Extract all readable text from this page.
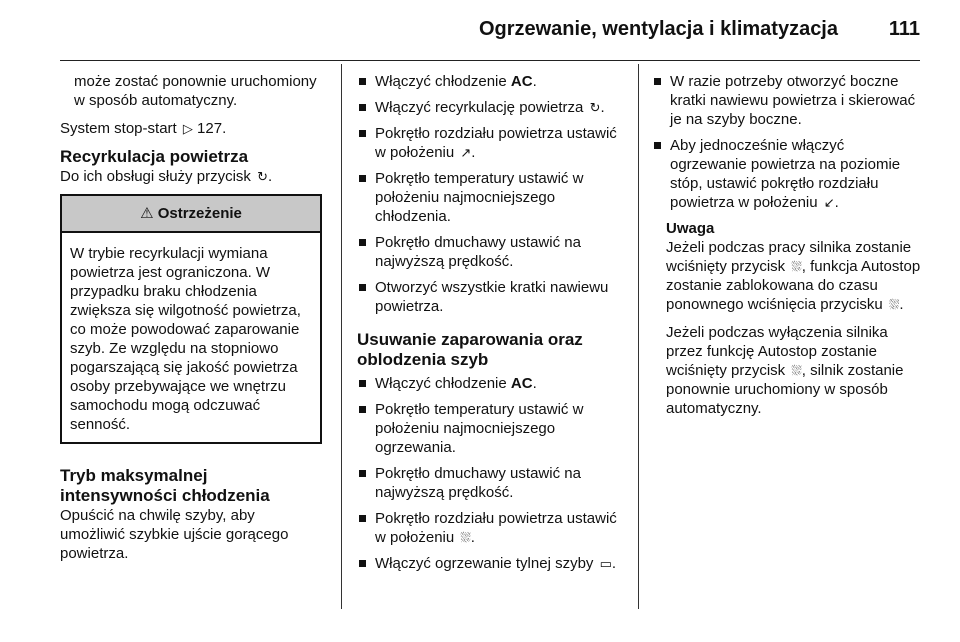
Ogrzewanie, wentylacja i klimatyzacja	111

może zostać ponownie uruchomiony w sposób automatyczny.

System stop-start ▷ 127.

Recyrkulacja powietrza

Do ich obsługi służy przycisk ↻.

⚠ Ostrzeżenie
W trybie recyrkulacji wymiana powietrza jest ograniczona. W przypadku braku chłodzenia zwiększa się wilgotność powietrza, co może powodować zaparowanie szyb. Ze względu na stopniowo pogarszającą się jakość powietrza osoby przebywające we wnętrzu samochodu mogą odczuwać senność.
Tryb maksymalnej intensywności chłodzenia

Opuścić na chwilę szyby, aby umożliwić szybkie ujście gorącego powietrza.

Włączyć chłodzenie AC.
Włączyć recyrkulację powietrza ↻.
Pokrętło rozdziału powietrza ustawić w położeniu ↗.
Pokrętło temperatury ustawić w położeniu najmocniejszego chłodzenia.
Pokrętło dmuchawy ustawić na najwyższą prędkość.
Otworzyć wszystkie kratki nawiewu powietrza.
Usuwanie zaparowania oraz oblodzenia szyb
Włączyć chłodzenie AC.
Pokrętło temperatury ustawić w położeniu najmocniejszego ogrzewania.
Pokrętło dmuchawy ustawić na najwyższą prędkość.
Pokrętło rozdziału powietrza ustawić w położeniu ⛆.
Włączyć ogrzewanie tylnej szyby ▭.
W razie potrzeby otworzyć boczne kratki nawiewu powietrza i skierować je na szyby boczne.
Aby jednocześnie włączyć ogrzewanie powietrza na poziomie stóp, ustawić pokrętło rozdziału powietrza w położeniu ↙.

Uwaga

Jeżeli podczas pracy silnika zostanie wciśnięty przycisk ⛆, funkcja Autostop zostanie zablokowana do czasu ponownego wciśnięcia przycisku ⛆.

Jeżeli podczas wyłączenia silnika przez funkcję Autostop zostanie wciśnięty przycisk ⛆, silnik zostanie ponownie uruchomiony w sposób automatyczny.
